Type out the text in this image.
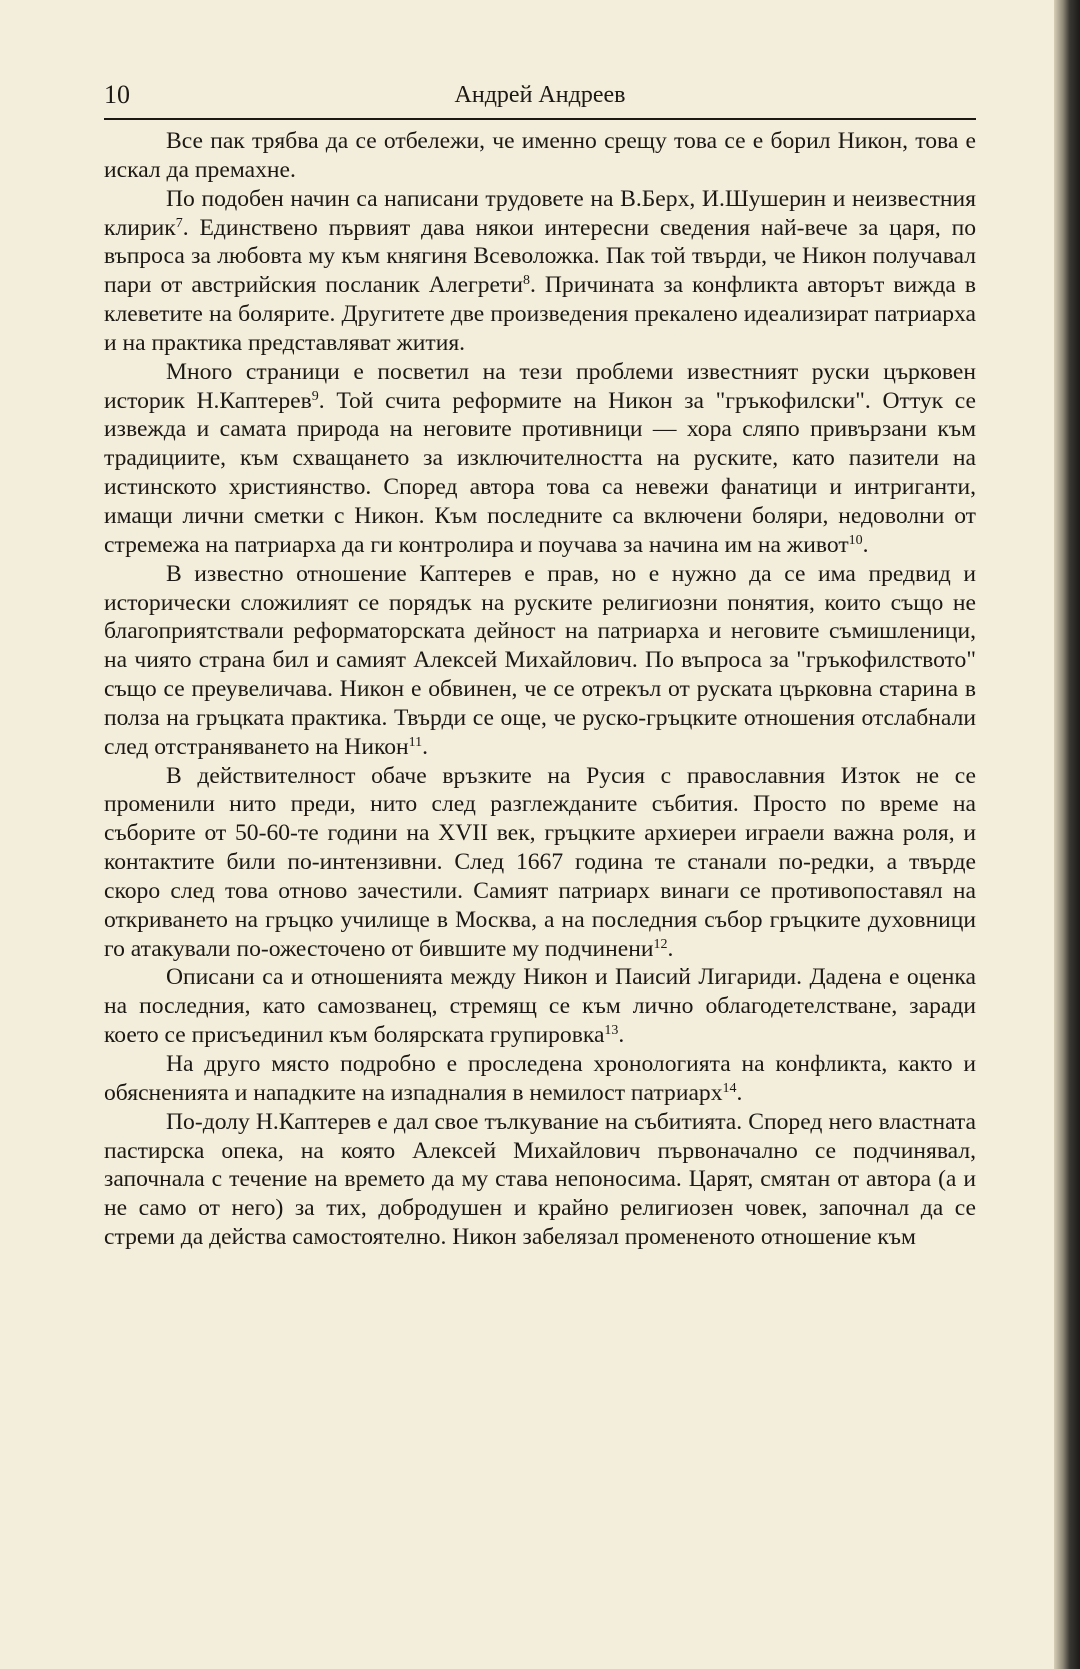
10	Андрей Андреев

Все пак трябва да се отбележи, че именно срещу това се е борил Никон, това е искал да премахне.

По подобен начин са написани трудовете на В.Берх, И.Шушерин и неизвестния клирик$^7$. Единствено първият дава някои интересни сведения най-вече за царя, по въпроса за любовта му към княгиня Всеволожка. Пак той твърди, че Никон получавал пари от австрийския посланик Алегрети$^8$. Причината за конфликта авторът вижда в клеветите на болярите. Другитете две произведения прекалено идеализират патриарха и на практика представляват жития.

Много страници е посветил на тези проблеми известният руски църковен историк Н.Каптерев$^9$. Той счита реформите на Никон за "гръкофилски". Оттук се извежда и самата природа на неговите противници — хора сляпо привързани към традициите, към схващането за изключителността на руските, като пазители на истинското християнство. Според автора това са невежи фанатици и интриганти, имащи лични сметки с Никон. Към последните са включени боляри, недоволни от стремежа на патриарха да ги контролира и поучава за начина им на живот$^{10}$.

В известно отношение Каптерев е прав, но е нужно да се има предвид и исторически сложилият се порядък на руските религиозни понятия, които също не благоприятствали реформаторската дейност на патриарха и неговите съмишленици, на чиято страна бил и самият Алексей Михайлович. По въпроса за "гръкофилството" също се преувеличава. Никон е обвинен, че се отрекъл от руската църковна старина в полза на гръцката практика. Твърди се още, че руско-гръцките отношения отслабнали след отстраняването на Никон$^{11}$.

В действителност обаче връзките на Русия с православния Изток не се променили нито преди, нито след разглежданите събития. Просто по време на съборите от 50-60-те години на XVII век, гръцките архиереи играели важна роля, и контактите били по-интензивни. След 1667 година те станали по-редки, а твърде скоро след това отново зачестили. Самият патриарх винаги се противопоставял на откриването на гръцко училище в Москва, а на последния събор гръцките духовници го атакували по-ожесточено от бившите му подчинени$^{12}$.

Описани са и отношенията между Никон и Паисий Лигариди. Дадена е оценка на последния, като самозванец, стремящ се към лично облагодетелстване, заради което се присъединил към болярската групировка$^{13}$.

На друго място подробно е проследена хронологията на конфликта, както и обясненията и нападките на изпадналия в немилост патриарх$^{14}$.

По-долу Н.Каптерев е дал свое тълкувание на събитията. Според него властната пастирска опека, на която Алексей Михайлович първоначално се подчинявал, започнала с течение на времето да му става непоносима. Царят, смятан от автора (а и не само от него) за тих, добродушен и крайно религиозен човек, започнал да се стреми да действа самостоятелно. Никон забелязал промененото отношение към
